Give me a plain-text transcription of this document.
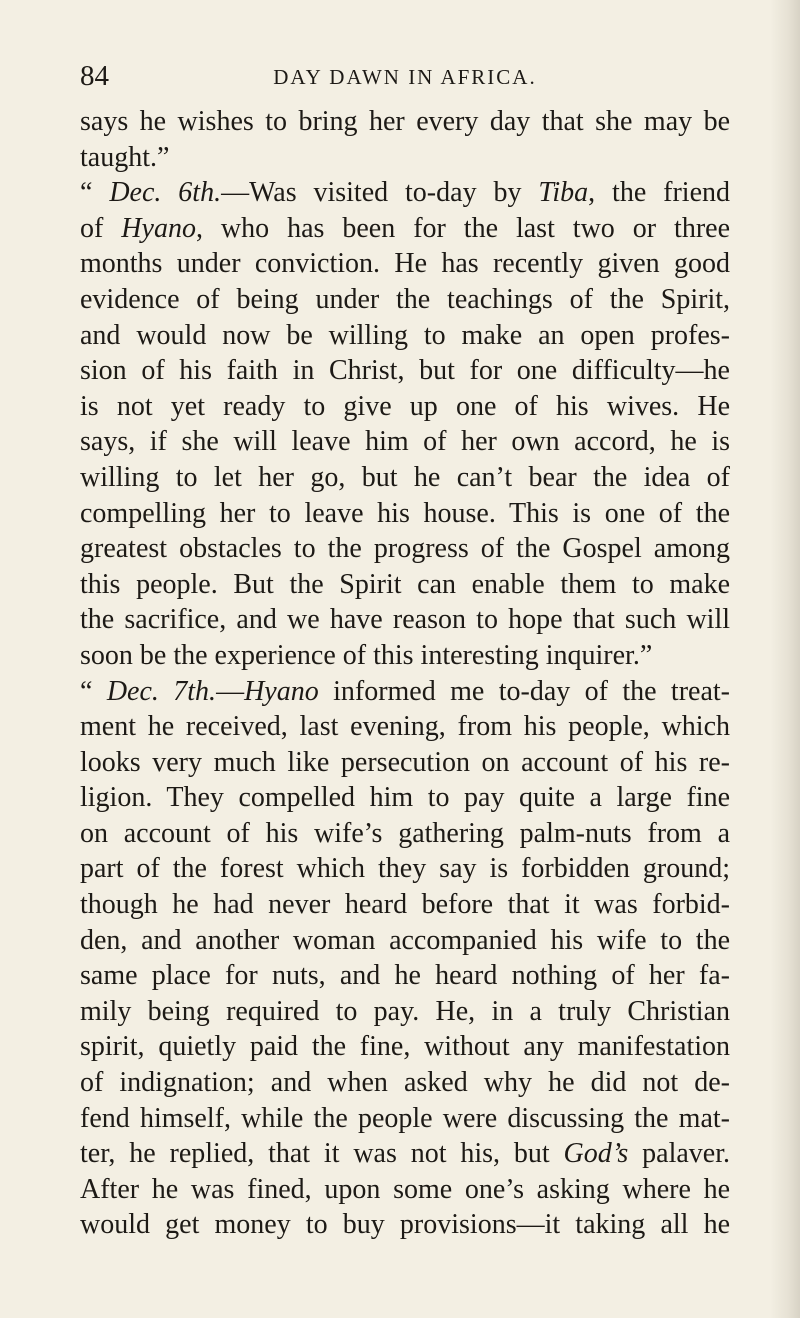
84	DAY DAWN IN AFRICA.
says he wishes to bring her every day that she may be
taught.”
“ Dec. 6th.—Was visited to-day by Tiba, the friend
of Hyano, who has been for the last two or three
months under conviction. He has recently given good
evidence of being under the teachings of the Spirit,
and would now be willing to make an open profes-
sion of his faith in Christ, but for one difficulty—he
is not yet ready to give up one of his wives. He
says, if she will leave him of her own accord, he is
willing to let her go, but he can’t bear the idea of
compelling her to leave his house. This is one of the
greatest obstacles to the progress of the Gospel among
this people. But the Spirit can enable them to make
the sacrifice, and we have reason to hope that such will
soon be the experience of this interesting inquirer.”
“ Dec. 7th.—Hyano informed me to-day of the treat-
ment he received, last evening, from his people, which
looks very much like persecution on account of his re-
ligion. They compelled him to pay quite a large fine
on account of his wife’s gathering palm-nuts from a
part of the forest which they say is forbidden ground;
though he had never heard before that it was forbid-
den, and another woman accompanied his wife to the
same place for nuts, and he heard nothing of her fa-
mily being required to pay. He, in a truly Christian
spirit, quietly paid the fine, without any manifestation
of indignation; and when asked why he did not de-
fend himself, while the people were discussing the mat-
ter, he replied, that it was not his, but God’s palaver.
After he was fined, upon some one’s asking where he
would get money to buy provisions—it taking all he
